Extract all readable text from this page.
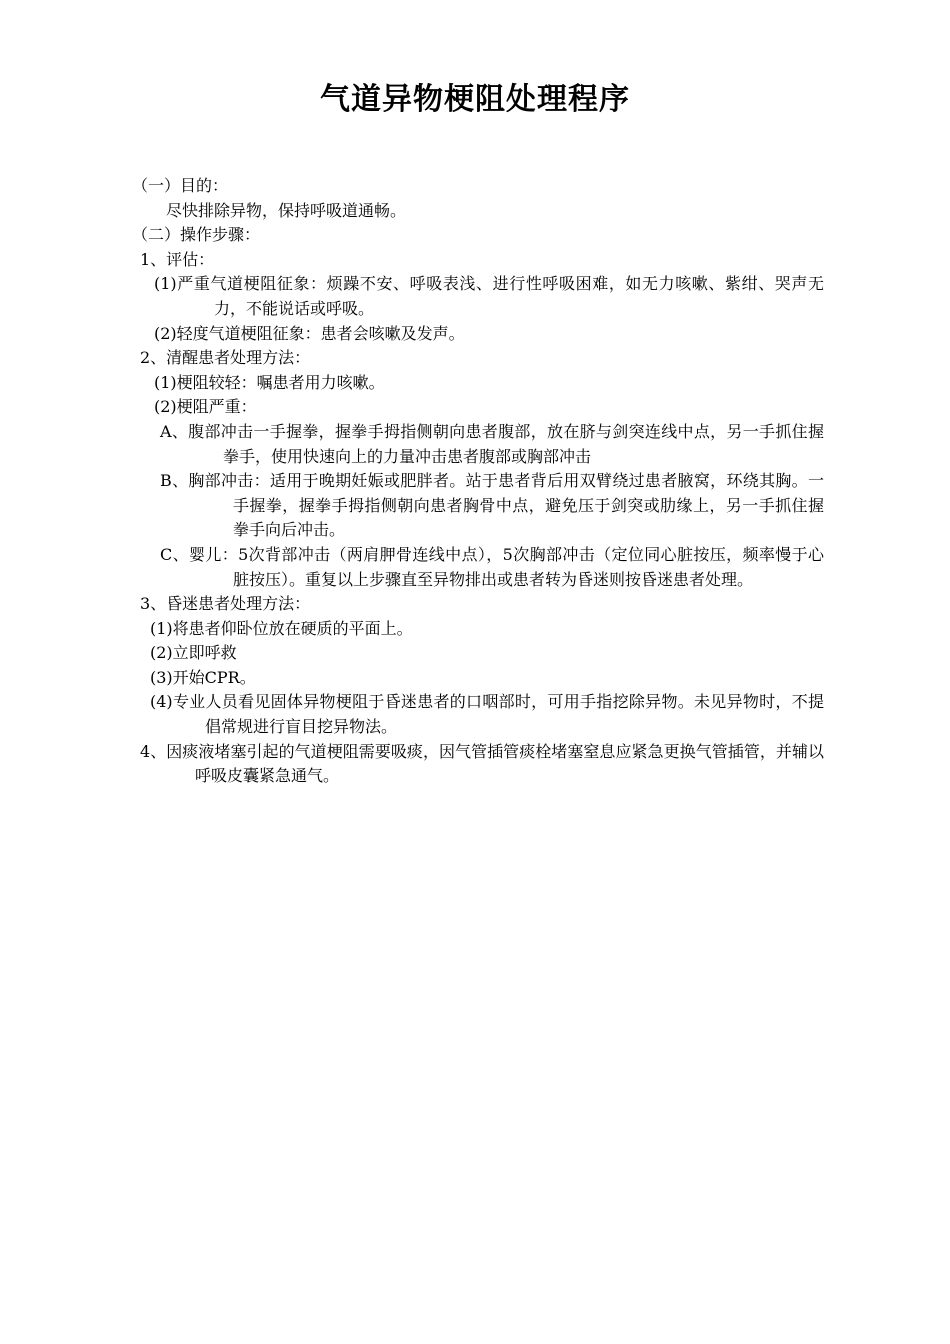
气道异物梗阻处理程序
（一）目的：
尽快排除异物，保持呼吸道通畅。
（二）操作步骤：
1、评估：
(1)严重气道梗阻征象：烦躁不安、呼吸表浅、进行性呼吸困难，如无力咳嗽、紫绀、哭声无力，不能说话或呼吸。
(2)轻度气道梗阻征象：患者会咳嗽及发声。
2、清醒患者处理方法：
(1)梗阻较轻：嘱患者用力咳嗽。
(2)梗阻严重：
A、腹部冲击一手握拳，握拳手拇指侧朝向患者腹部，放在脐与剑突连线中点，另一手抓住握拳手，使用快速向上的力量冲击患者腹部或胸部冲击
B、胸部冲击：适用于晚期妊娠或肥胖者。站于患者背后用双臂绕过患者腋窝，环绕其胸。一手握拳，握拳手拇指侧朝向患者胸骨中点，避免压于剑突或肋缘上，另一手抓住握拳手向后冲击。
C、婴儿：5次背部冲击（两肩胛骨连线中点），5次胸部冲击（定位同心脏按压，频率慢于心脏按压）。重复以上步骤直至异物排出或患者转为昏迷则按昏迷患者处理。
3、昏迷患者处理方法：
(1)将患者仰卧位放在硬质的平面上。
(2)立即呼救
(3)开始CPR。
(4)专业人员看见固体异物梗阻于昏迷患者的口咽部时，可用手指挖除异物。未见异物时，不提倡常规进行盲目挖异物法。
4、因痰液堵塞引起的气道梗阻需要吸痰，因气管插管痰栓堵塞窒息应紧急更换气管插管，并辅以呼吸皮囊紧急通气。
